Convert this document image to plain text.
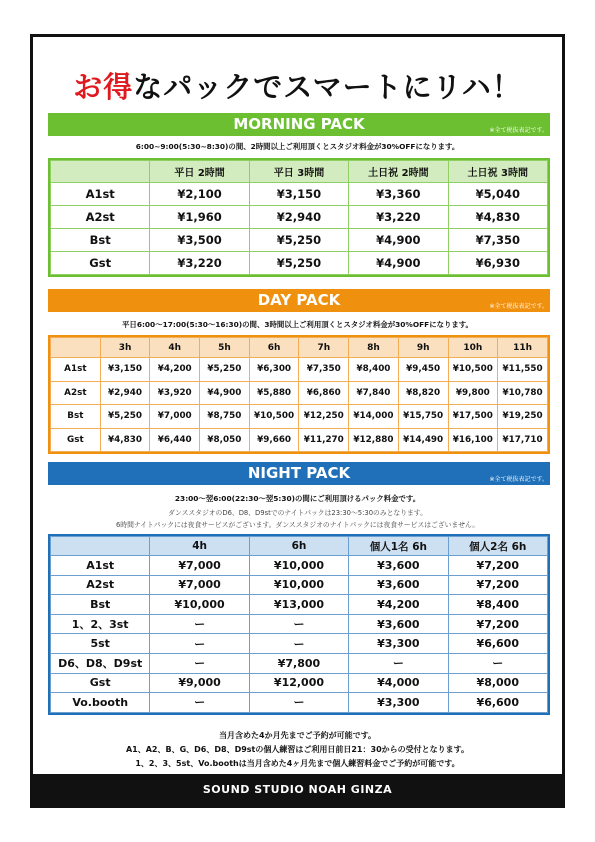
お得なパックでスマートにリハ！
MORNING PACK	※全て税抜表記です。
6:00~9:00(5:30~8:30)の間、2時間以上ご利用頂くとスタジオ料金が30%OFFになります。
	平日 2時間	平日 3時間	土日祝 2時間	土日祝 3時間
A1st	¥2,100	¥3,150	¥3,360	¥5,040
A2st	¥1,960	¥2,940	¥3,220	¥4,830
Bst	¥3,500	¥5,250	¥4,900	¥7,350
Gst	¥3,220	¥5,250	¥4,900	¥6,930
DAY PACK	※全て税抜表記です。
平日6:00～17:00(5:30～16:30)の間、3時間以上ご利用頂くとスタジオ料金が30%OFFになります。
	3h	4h	5h	6h	7h	8h	9h	10h	11h
A1st	¥3,150	¥4,200	¥5,250	¥6,300	¥7,350	¥8,400	¥9,450	¥10,500	¥11,550
A2st	¥2,940	¥3,920	¥4,900	¥5,880	¥6,860	¥7,840	¥8,820	¥9,800	¥10,780
Bst	¥5,250	¥7,000	¥8,750	¥10,500	¥12,250	¥14,000	¥15,750	¥17,500	¥19,250
Gst	¥4,830	¥6,440	¥8,050	¥9,660	¥11,270	¥12,880	¥14,490	¥16,100	¥17,710
NIGHT PACK	※全て税抜表記です。
23:00～翌6:00(22:30～翌5:30)の間にご利用頂けるパック料金です。
ダンススタジオのD6、D8、D9stでのナイトパックは23:30～5:30のみとなります。
6時間ナイトパックには夜食サービスがございます。ダンススタジオのナイトパックには夜食サービスはございません。
	4h	6h	個人1名 6h	個人2名 6h
A1st	¥7,000	¥10,000	¥3,600	¥7,200
A2st	¥7,000	¥10,000	¥3,600	¥7,200
Bst	¥10,000	¥13,000	¥4,200	¥8,400
1、2、3st	ー	ー	¥3,600	¥7,200
5st	ー	ー	¥3,300	¥6,600
D6、D8、D9st	ー	¥7,800	ー	ー
Gst	¥9,000	¥12,000	¥4,000	¥8,000
Vo.booth	ー	ー	¥3,300	¥6,600
当月含めた4か月先までご予約が可能です。
A1、A2、B、G、D6、D8、D9stの個人練習はご利用日前日21：30からの受付となります。
1、2、3、5st、Vo.boothは当月含めた4ヶ月先まで個人練習料金でご予約が可能です。
SOUND STUDIO NOAH GINZA
